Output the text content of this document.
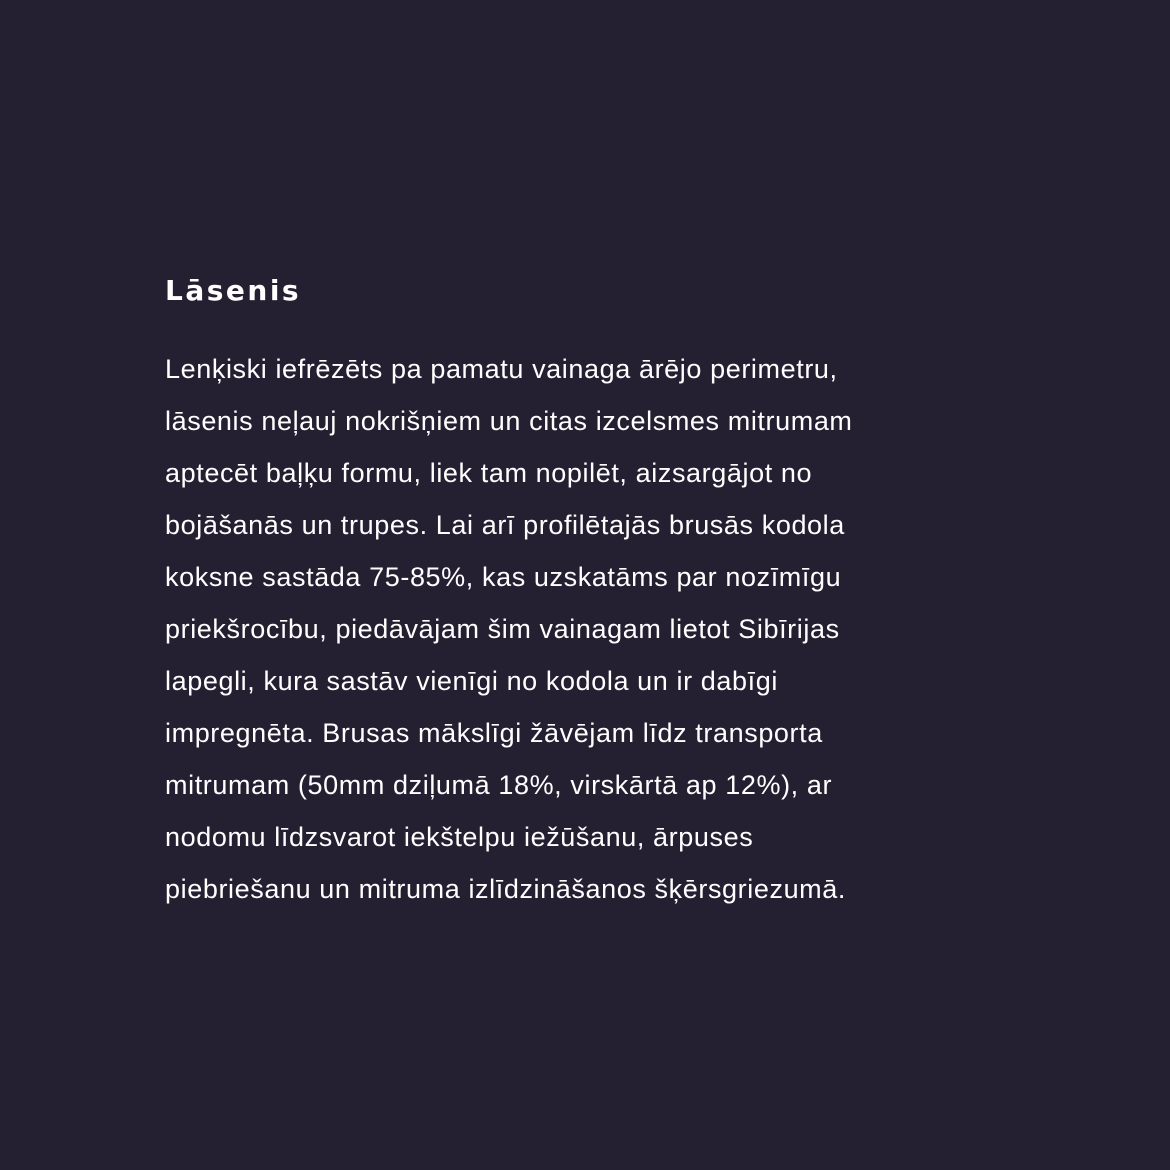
Lāsenis
Lenķiski iefrēzēts pa pamatu vainaga ārējo perimetru,
lāsenis neļauj nokrišņiem un citas izcelsmes mitrumam
aptecēt baļķu formu, liek tam nopilēt, aizsargājot no
bojāšanās un trupes. Lai arī profilētajās brusās kodola
koksne sastāda 75-85%, kas uzskatāms par nozīmīgu
priekšrocību, piedāvājam šim vainagam lietot Sibīrijas
lapegli, kura sastāv vienīgi no kodola un ir dabīgi
impregnēta. Brusas mākslīgi žāvējam līdz transporta
mitrumam (50mm dziļumā 18%, virskārtā ap 12%), ar
nodomu līdzsvarot iekštelpu iežūšanu, ārpuses
piebriešanu un mitruma izlīdzināšanos šķērsgriezumā.
